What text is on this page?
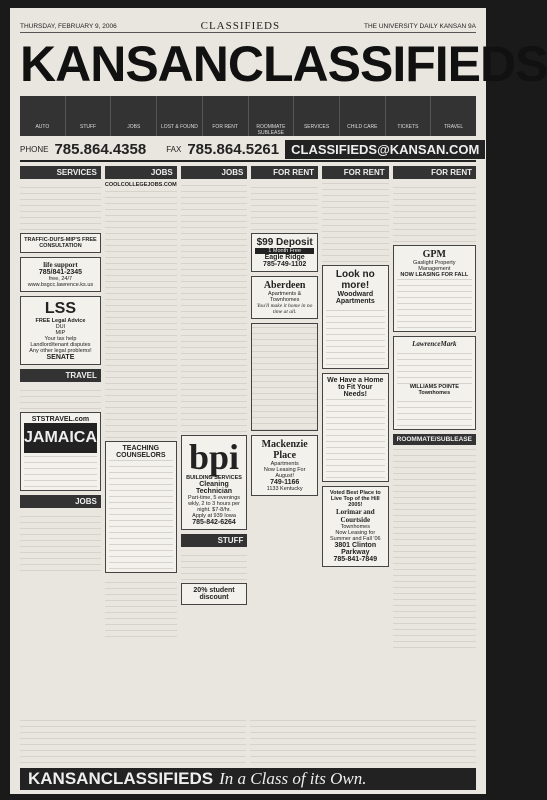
THURSDAY, FEBRUARY 9, 2006	CLASSIFIEDS	THE UNIVERSITY DAILY KANSAN 9A
KANSANCLASSIFIEDS
AUTO	STUFF	JOBS	LOST & FOUND	FOR RENT	ROOMMATE SUBLEASE
SERVICES	CHILD CARE	TICKETS	TRAVEL
PHONE 785.864.4358	FAX 785.864.5261 CLASSIFIEDS@KANSAN.COM
SERVICES
TRAFFIC-DUI'S-MIP'S FREE CONSULTATION
life support
785/841-2345
free, 24/7
www.bsgcc.lawrence.ks.us
LSS
FREE Legal Advice
DUI
MIP
Your tax help
Landlord/tenant disputes
Any other legal problems!
SENATE
TRAVEL
STSTRAVEL.com
JAMAICA
JOBS
JOBS
COOLCOLLEGEJOBS.COM
TEACHING COUNSELORS
JOBS
bpi
BUILDING SERVICES
Cleaning Technician
Part-time, 5 evenings wkly, 2 to 3 hours per night. $7-8/hr.
Apply at 939 Iowa
785-842-6264
STUFF
20% student discount
FOR RENT
$99 Deposit
1 Month Free
Eagle Ridge
785-749-1102
Aberdeen
Apartments & Townhomes
You'll make it home in no time at all.
Mackenzie Place
Apartments
Now Leasing For August!
749-1166
1133 Kentucky
FOR RENT
Look no more!
Woodward Apartments
We Have a Home to Fit Your Needs!
Voted Best Place to Live Top of the Hill 2005!
Lorimar and Courtside
Townhomes
Now Leasing for Summer and Fall '06
3801 Clinton Parkway
785-841-7849
FOR RENT
GPM
Gaslight Property Management
NOW LEASING FOR FALL
LawrenceMark
WILLIAMS POINTE Townhomes
ROOMMATE/SUBLEASE
KANSANCLASSIFIEDS In a Class of its Own.
